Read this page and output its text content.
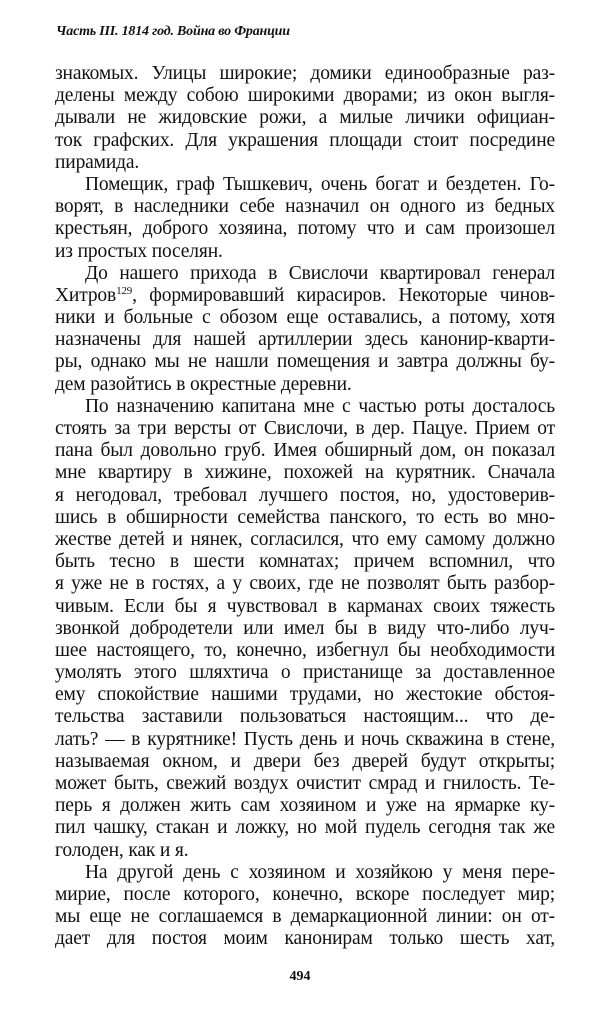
Часть III. 1814 год. Война во Франции
знакомых. Улицы широкие; домики единообразные раз-
делены между собою широкими дворами; из окон выгля-
дывали не жидовские рожи, а милые личики официан-
ток графских. Для украшения площади стоит посредине
пирамида.
Помещик, граф Тышкевич, очень богат и бездетен. Го-
ворят, в наследники себе назначил он одного из бедных
крестьян, доброго хозяина, потому что и сам произошел
из простых поселян.
До нашего прихода в Свислочи квартировал генерал
Хитров$^{129}$, формировавший кирасиров. Некоторые чинов-
ники и больные с обозом еще оставались, а потому, хотя
назначены для нашей артиллерии здесь канонир-кварти-
ры, однако мы не нашли помещения и завтра должны бу-
дем разойтись в окрестные деревни.
По назначению капитана мне с частью роты досталось
стоять за три версты от Свислочи, в дер. Пацуе. Прием от
пана был довольно груб. Имея обширный дом, он показал
мне квартиру в хижине, похожей на курятник. Сначала
я негодовал, требовал лучшего постоя, но, удостоверив-
шись в обширности семейства панского, то есть во мно-
жестве детей и нянек, согласился, что ему самому должно
быть тесно в шести комнатах; причем вспомнил, что
я уже не в гостях, а у своих, где не позволят быть разбор-
чивым. Если бы я чувствовал в карманах своих тяжесть
звонкой добродетели или имел бы в виду что-либо луч-
шее настоящего, то, конечно, избегнул бы необходимости
умолять этого шляхтича о пристанище за доставленное
ему спокойствие нашими трудами, но жестокие обстоя-
тельства заставили пользоваться настоящим... что де-
лать? — в курятнике! Пусть день и ночь скважина в стене,
называемая окном, и двери без дверей будут открыты;
может быть, свежий воздух очистит смрад и гнилость. Те-
перь я должен жить сам хозяином и уже на ярмарке ку-
пил чашку, стакан и ложку, но мой пудель сегодня так же
голоден, как и я.
На другой день с хозяином и хозяйкою у меня пере-
мирие, после которого, конечно, вскоре последует мир;
мы еще не соглашаемся в демаркационной линии: он от-
дает для постоя моим канонирам только шесть хат,
494
